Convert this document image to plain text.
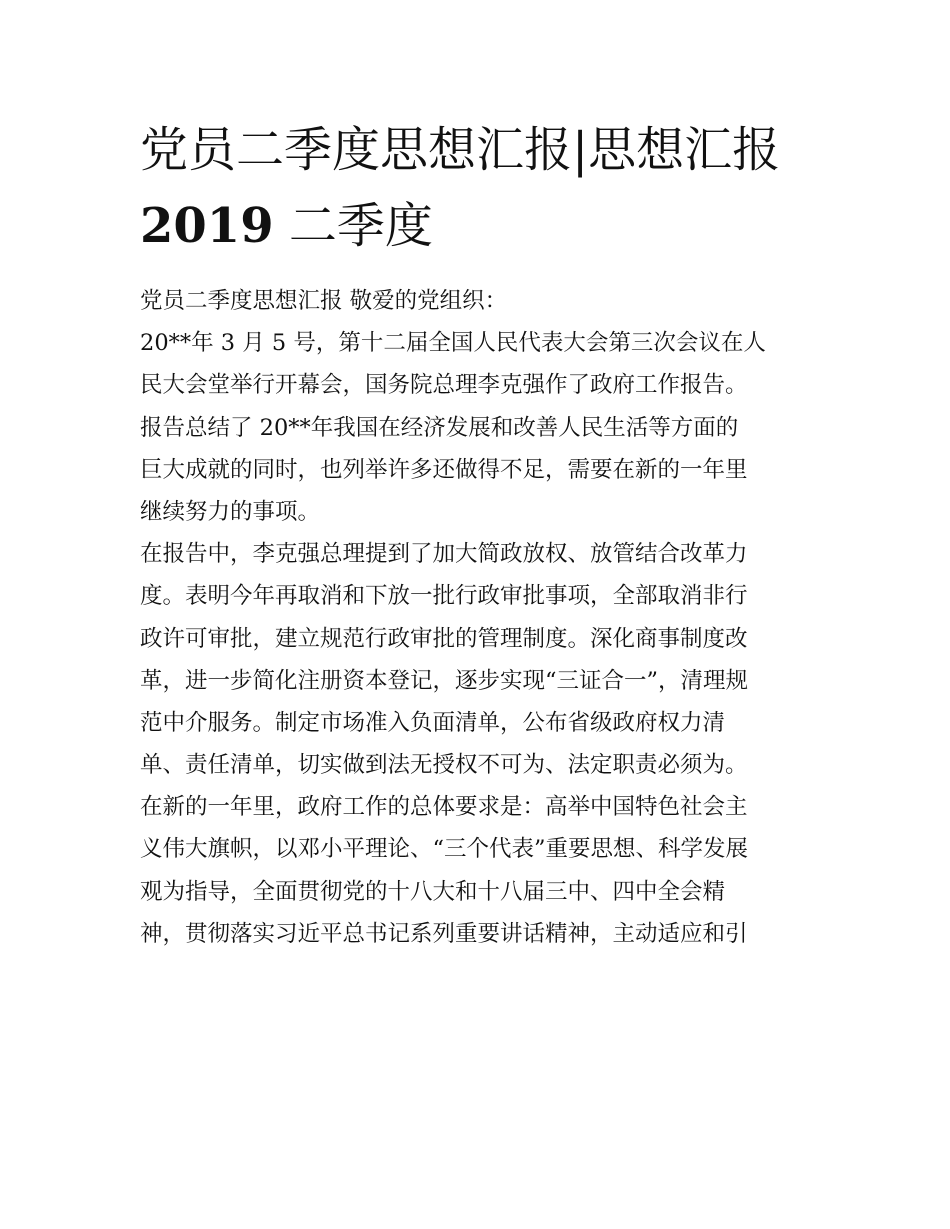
党员二季度思想汇报|思想汇报
2019 二季度
党员二季度思想汇报 敬爱的党组织：
20**年 3 月 5 号，第十二届全国人民代表大会第三次会议在人
民大会堂举行开幕会，国务院总理李克强作了政府工作报告。
报告总结了 20**年我国在经济发展和改善人民生活等方面的
巨大成就的同时，也列举许多还做得不足，需要在新的一年里
继续努力的事项。
在报告中，李克强总理提到了加大简政放权、放管结合改革力
度。表明今年再取消和下放一批行政审批事项，全部取消非行
政许可审批，建立规范行政审批的管理制度。深化商事制度改
革，进一步简化注册资本登记，逐步实现“三证合一”，清理规
范中介服务。制定市场准入负面清单，公布省级政府权力清
单、责任清单，切实做到法无授权不可为、法定职责必须为。
在新的一年里，政府工作的总体要求是：高举中国特色社会主
义伟大旗帜，以邓小平理论、“三个代表”重要思想、科学发展
观为指导，全面贯彻党的十八大和十八届三中、四中全会精
神，贯彻落实习近平总书记系列重要讲话精神，主动适应和引
